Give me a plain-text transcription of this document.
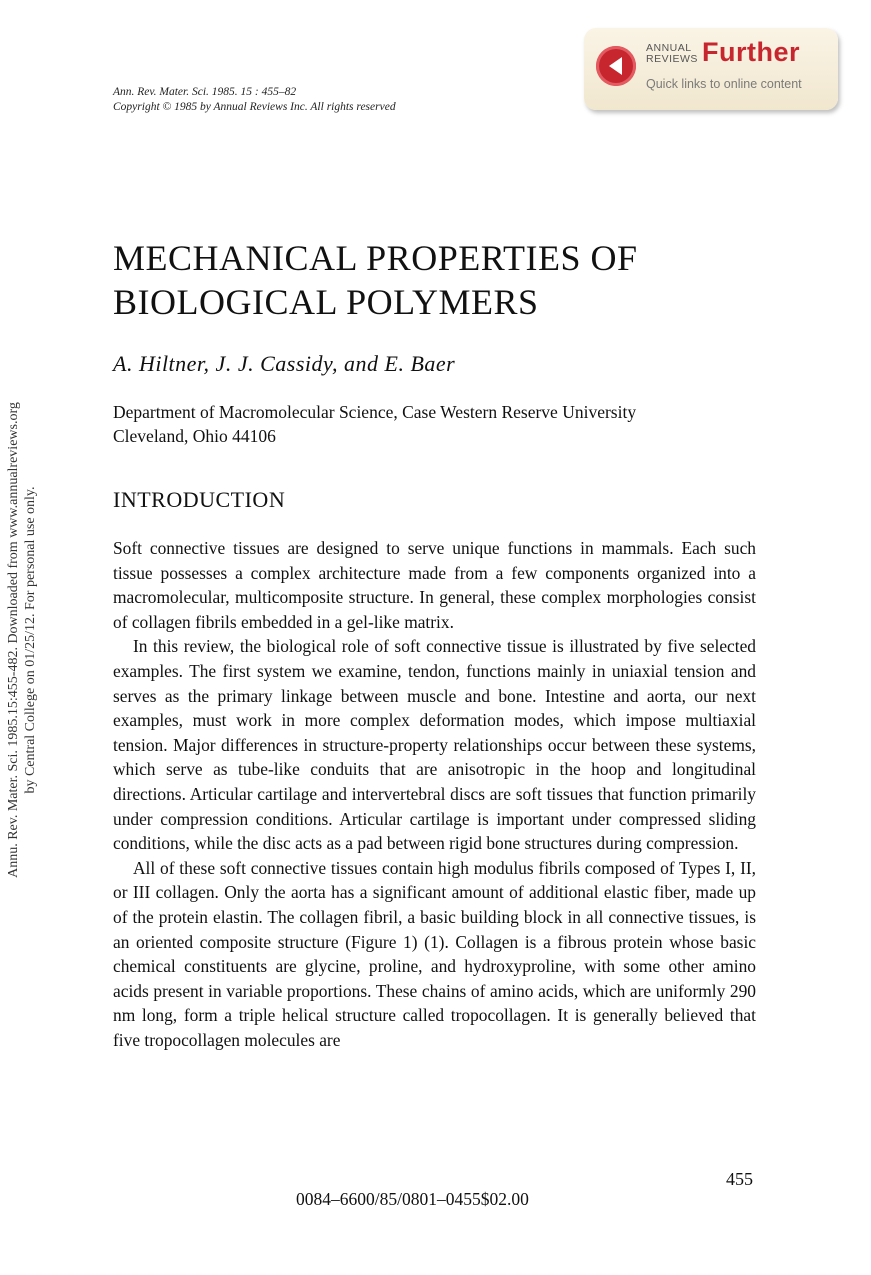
Ann. Rev. Mater. Sci. 1985. 15 : 455–82
Copyright © 1985 by Annual Reviews Inc. All rights reserved
ANNUAL
REVIEWS Further
Quick links to online content
Annu. Rev. Mater. Sci. 1985.15:455-482. Downloaded from www.annualreviews.org by Central College on 01/25/12. For personal use only.
MECHANICAL PROPERTIES OF
BIOLOGICAL POLYMERS
A. Hiltner, J. J. Cassidy, and E. Baer
Department of Macromolecular Science, Case Western Reserve University
Cleveland, Ohio 44106
INTRODUCTION
Soft connective tissues are designed to serve unique functions in mammals. Each such tissue possesses a complex architecture made from a few components organized into a macromolecular, multicomposite structure. In general, these complex morphologies consist of collagen fibrils embedded in a gel-like matrix.
In this review, the biological role of soft connective tissue is illustrated by five selected examples. The first system we examine, tendon, functions mainly in uniaxial tension and serves as the primary linkage between muscle and bone. Intestine and aorta, our next examples, must work in more complex deformation modes, which impose multiaxial tension. Major differences in structure-property relationships occur between these systems, which serve as tube-like conduits that are anisotropic in the hoop and longitudinal directions. Articular cartilage and intervertebral discs are soft tissues that function primarily under compression conditions. Articular cartilage is important under compressed sliding conditions, while the disc acts as a pad between rigid bone structures during compression.
All of these soft connective tissues contain high modulus fibrils composed of Types I, II, or III collagen. Only the aorta has a significant amount of additional elastic fiber, made up of the protein elastin. The collagen fibril, a basic building block in all connective tissues, is an oriented composite structure (Figure 1) (1). Collagen is a fibrous protein whose basic chemical constituents are glycine, proline, and hydroxyproline, with some other amino acids present in variable proportions. These chains of amino acids, which are uniformly 290 nm long, form a triple helical structure called tropocollagen. It is generally believed that five tropocollagen molecules are
455
0084–6600/85/0801–0455$02.00
